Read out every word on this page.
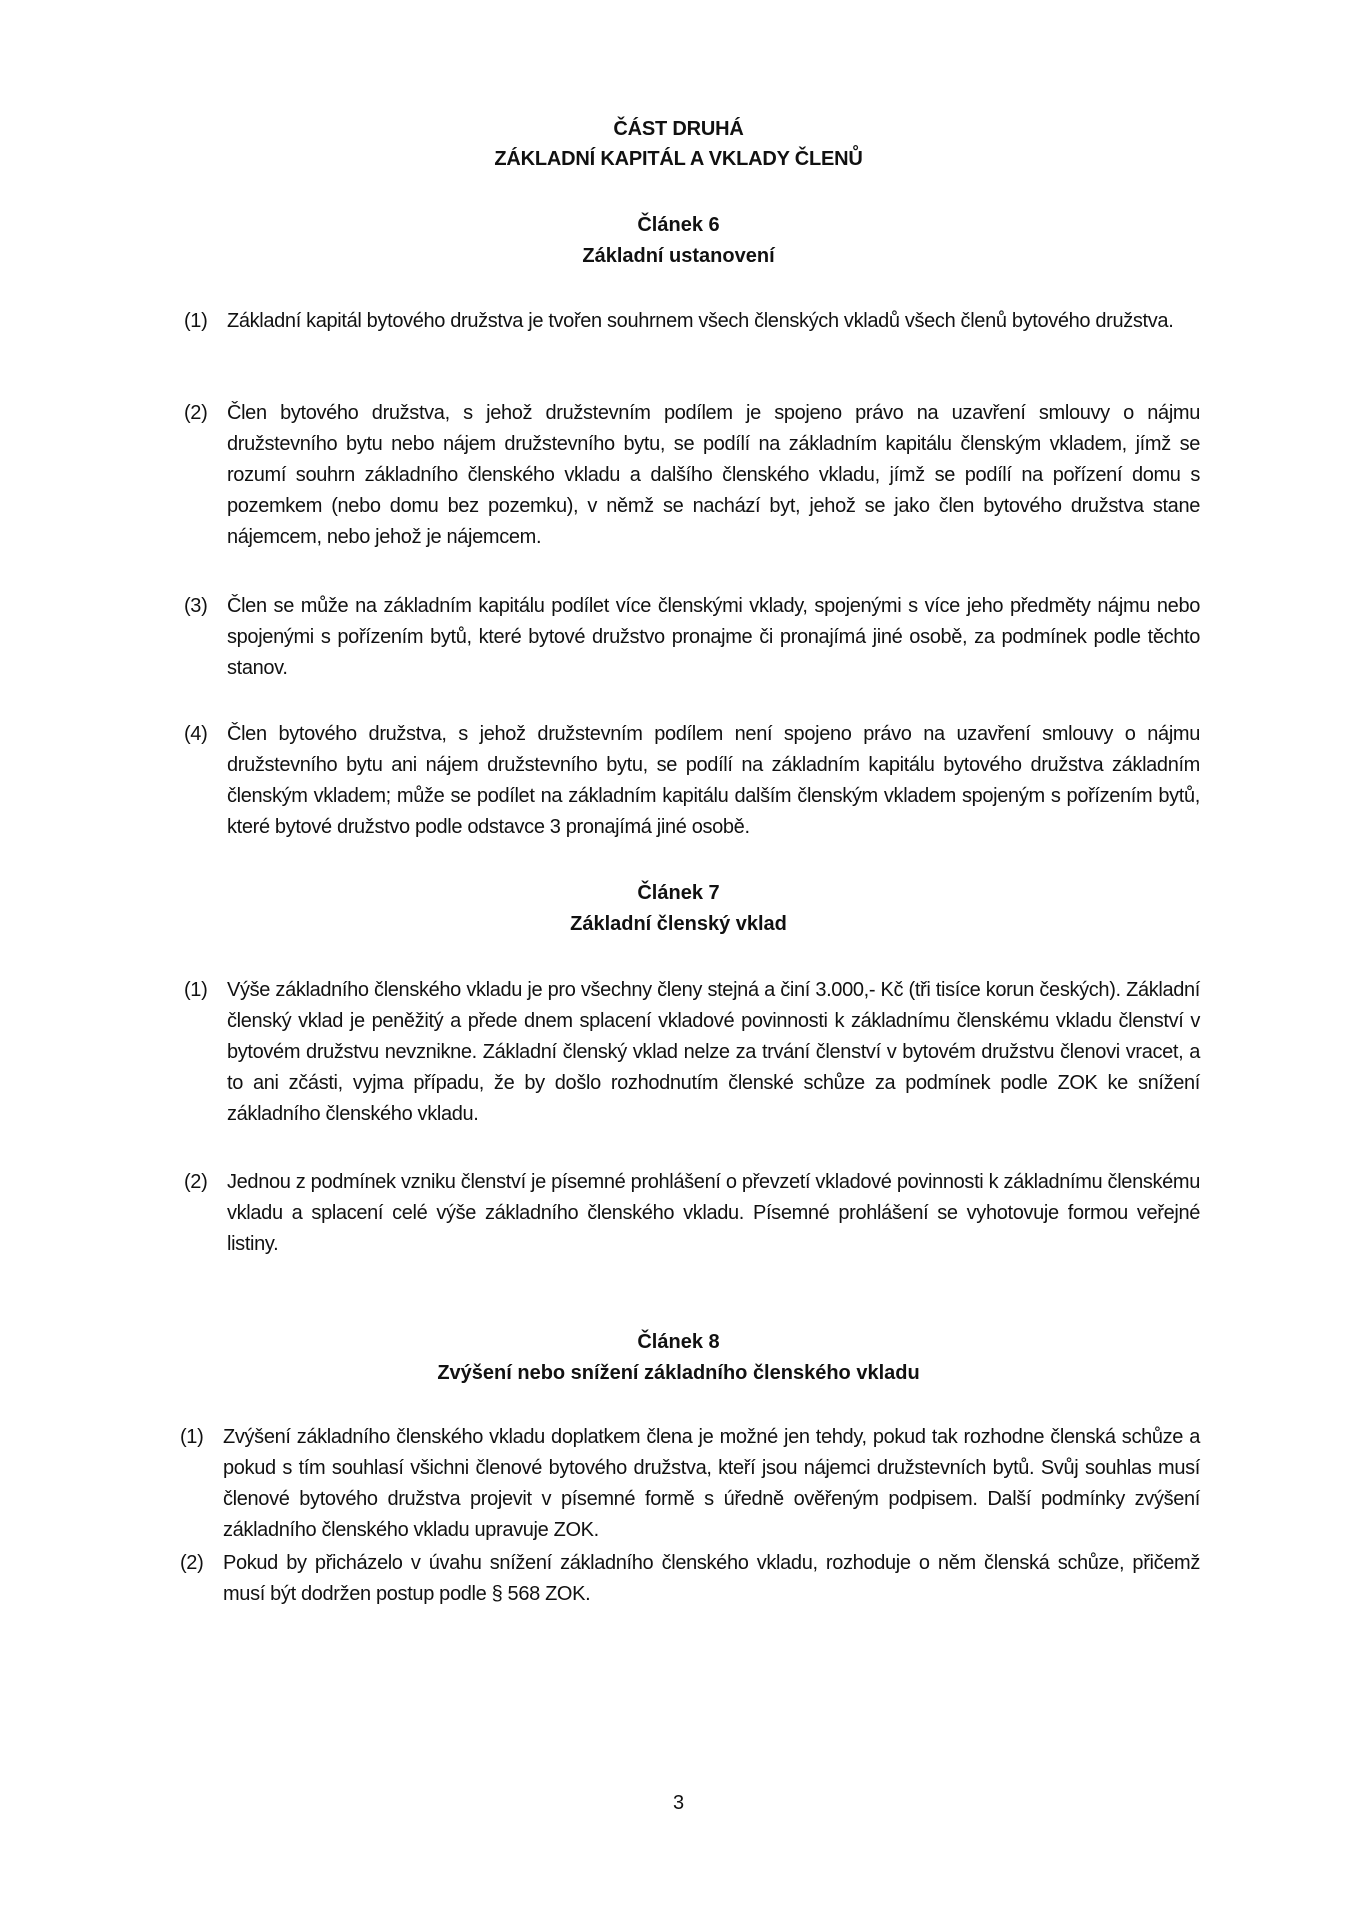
ČÁST DRUHÁ

ZÁKLADNÍ KAPITÁL A VKLADY ČLENŮ

Článek 6

Základní ustanovení

(1) Základní kapitál bytového družstva je tvořen souhrnem všech členských vkladů všech členů bytového družstva.
(2) Člen bytového družstva, s jehož družstevním podílem je spojeno právo na uzavření smlouvy o nájmu družstevního bytu nebo nájem družstevního bytu, se podílí na základním kapitálu členským vkladem, jímž se rozumí souhrn základního členského vkladu a dalšího členského vkladu, jímž se podílí na pořízení domu s pozemkem (nebo domu bez pozemku), v němž se nachází byt, jehož se jako člen bytového družstva stane nájemcem, nebo jehož je nájemcem.
(3) Člen se může na základním kapitálu podílet více členskými vklady, spojenými s více jeho předměty nájmu nebo spojenými s pořízením bytů, které bytové družstvo pronajme či pronajímá jiné osobě, za podmínek podle těchto stanov.
(4) Člen bytového družstva, s jehož družstevním podílem není spojeno právo na uzavření smlouvy o nájmu družstevního bytu ani nájem družstevního bytu, se podílí na základním kapitálu bytového družstva základním členským vkladem; může se podílet na základním kapitálu dalším členským vkladem spojeným s pořízením bytů, které bytové družstvo podle odstavce 3 pronajímá jiné osobě.

Článek 7

Základní členský vklad

(1) Výše základního členského vkladu je pro všechny členy stejná a činí 3.000,- Kč (tři tisíce korun českých). Základní členský vklad je peněžitý a přede dnem splacení vkladové povinnosti k základnímu členskému vkladu členství v bytovém družstvu nevznikne. Základní členský vklad nelze za trvání členství v bytovém družstvu členovi vracet, a to ani zčásti, vyjma případu, že by došlo rozhodnutím členské schůze za podmínek podle ZOK ke snížení základního členského vkladu.
(2) Jednou z podmínek vzniku členství je písemné prohlášení o převzetí vkladové povinnosti k základnímu členskému vkladu a splacení celé výše základního členského vkladu. Písemné prohlášení se vyhotovuje formou veřejné listiny.

Článek 8

Zvýšení nebo snížení základního členského vkladu

(1) Zvýšení základního členského vkladu doplatkem člena je možné jen tehdy, pokud tak rozhodne členská schůze a pokud s tím souhlasí všichni členové bytového družstva, kteří jsou nájemci družstevních bytů. Svůj souhlas musí členové bytového družstva projevit v písemné formě s úředně ověřeným podpisem. Další podmínky zvýšení základního členského vkladu upravuje ZOK.
(2) Pokud by přicházelo v úvahu snížení základního členského vkladu, rozhoduje o něm členská schůze, přičemž musí být dodržen postup podle § 568 ZOK.
3
